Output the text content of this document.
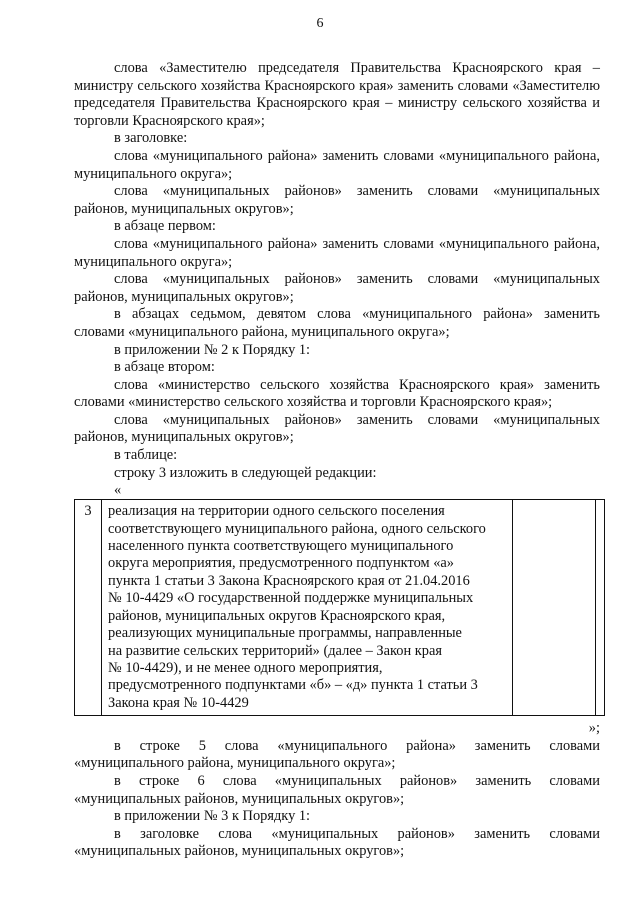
6

слова «Заместителю председателя Правительства Красноярского края – министру сельского хозяйства Красноярского края» заменить словами «Заместителю председателя Правительства Красноярского края – министру сельского хозяйства и торговли Красноярского края»;

в заголовке:

слова «муниципального района» заменить словами «муниципального района, муниципального округа»;

слова «муниципальных районов» заменить словами «муниципальных районов, муниципальных округов»;

в абзаце первом:

слова «муниципального района» заменить словами «муниципального района, муниципального округа»;

слова «муниципальных районов» заменить словами «муниципальных районов, муниципальных округов»;

в абзацах седьмом, девятом слова «муниципального района» заменить словами «муниципального района, муниципального округа»;

в приложении № 2 к Порядку 1:

в абзаце втором:

слова «министерство сельского хозяйства Красноярского края» заменить словами «министерство сельского хозяйства и торговли Красноярского края»;

слова «муниципальных районов» заменить словами «муниципальных районов, муниципальных округов»;

в таблице:

строку 3 изложить в следующей редакции:

«

3	реализация на территории одного сельского поселения
соответствующего муниципального района, одного сельского
населенного пункта соответствующего муниципального
округа мероприятия, предусмотренного подпунктом «а»
пункта 1 статьи 3 Закона Красноярского края от 21.04.2016
№ 10-4429 «О государственной поддержке муниципальных
районов, муниципальных округов Красноярского края,
реализующих муниципальные программы, направленные
на развитие сельских территорий» (далее – Закон края
№ 10-4429), и не менее одного мероприятия,
предусмотренного подпунктами «б» – «д» пункта 1 статьи 3
Закона края № 10-4429

»;

в строке 5 слова «муниципального района» заменить словами «муниципального района, муниципального округа»;

в строке 6 слова «муниципальных районов» заменить словами «муниципальных районов, муниципальных округов»;

в приложении № 3 к Порядку 1:

в заголовке слова «муниципальных районов» заменить словами «муниципальных районов, муниципальных округов»;
